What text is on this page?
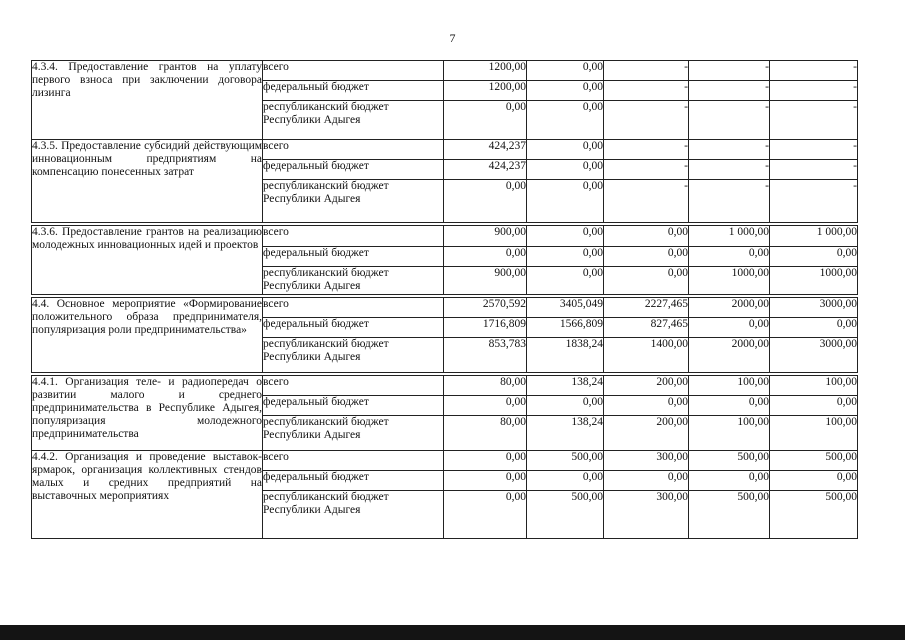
7
4.3.4. Предоставление грантов на уплату первого взноса при заключении договора лизинга	всего	1200,00	0,00	-	-	-
	федеральный бюджет	1200,00	0,00	-	-	-
	республиканский бюджет Республики Адыгея	0,00	0,00	-	-	-
4.3.5. Предоставление субсидий действующим инновационным предприятиям на компенсацию понесенных затрат	всего	424,237	0,00	-	-	-
	федеральный бюджет	424,237	0,00	-	-	-
	республиканский бюджет Республики Адыгея	0,00	0,00	-	-	-

4.3.6. Предоставление грантов на реализацию молодежных инновационных идей и проектов	всего	900,00	0,00	0,00	1 000,00	1 000,00
	федеральный бюджет	0,00	0,00	0,00	0,00	0,00
	республиканский бюджет Республики Адыгея	900,00	0,00	0,00	1000,00	1000,00

4.4. Основное мероприятие «Формирование положительного образа предпринимателя, популяризация роли предпринимательства»	всего	2570,592	3405,049	2227,465	2000,00	3000,00
	федеральный бюджет	1716,809	1566,809	827,465	0,00	0,00
	республиканский бюджет Республики Адыгея	853,783	1838,24	1400,00	2000,00	3000,00

4.4.1. Организация теле- и радиопередач о развитии малого и среднего предпринимательства в Республике Адыгея, популяризация молодежного предпринимательства	всего	80,00	138,24	200,00	100,00	100,00
	федеральный бюджет	0,00	0,00	0,00	0,00	0,00
	республиканский бюджет Республики Адыгея	80,00	138,24	200,00	100,00	100,00
4.4.2. Организация и проведение выставок-ярмарок, организация коллективных стендов малых и средних предприятий на выставочных мероприятиях	всего	0,00	500,00	300,00	500,00	500,00
	федеральный бюджет	0,00	0,00	0,00	0,00	0,00
	республиканский бюджет Республики Адыгея	0,00	500,00	300,00	500,00	500,00
